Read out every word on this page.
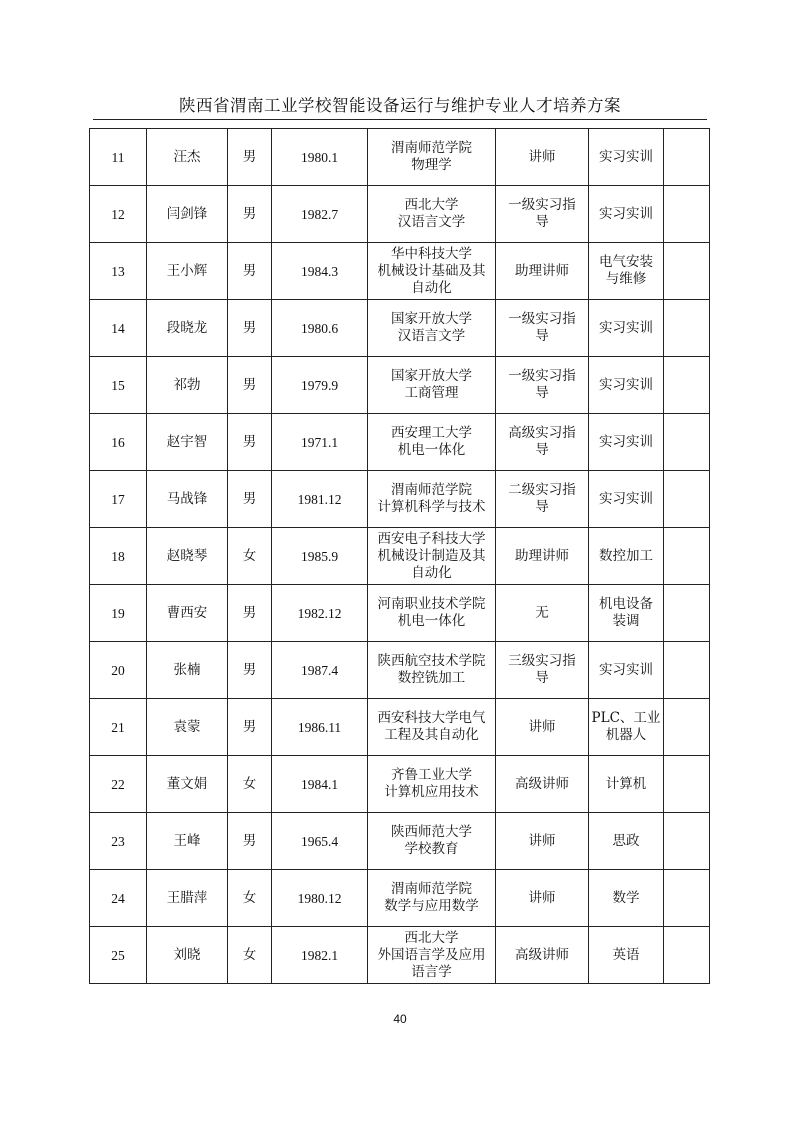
陕西省渭南工业学校智能设备运行与维护专业人才培养方案
11	汪杰	男	1980.1	渭南师范学院
物理学	讲师	实习实训	

12	闫剑锋	男	1982.7	西北大学
汉语言文学	一级实习指
导	实习实训	

13	王小辉	男	1984.3	华中科技大学
机械设计基础及其
自动化	助理讲师	电气安装
与维修	

14	段晓龙	男	1980.6	国家开放大学
汉语言文学	一级实习指
导	实习实训	

15	祁勃	男	1979.9	国家开放大学
工商管理	一级实习指
导	实习实训	

16	赵宇智	男	1971.1	西安理工大学
机电一体化	高级实习指
导	实习实训	

17	马战锋	男	1981.12	渭南师范学院
计算机科学与技术	二级实习指
导	实习实训	

18	赵晓琴	女	1985.9	西安电子科技大学
机械设计制造及其
自动化	助理讲师	数控加工	

19	曹西安	男	1982.12	河南职业技术学院
机电一体化	无	机电设备
装调	

20	张楠	男	1987.4	陕西航空技术学院
数控铣加工	三级实习指
导	实习实训	

21	袁蒙	男	1986.11	西安科技大学电气
工程及其自动化	讲师	PLC、工业
机器人	

22	董文娟	女	1984.1	齐鲁工业大学
计算机应用技术	高级讲师	计算机	

23	王峰	男	1965.4	陕西师范大学
学校教育	讲师	思政	

24	王腊萍	女	1980.12	渭南师范学院
数学与应用数学	讲师	数学	

25	刘晓	女	1982.1	西北大学
外国语言学及应用
语言学	高级讲师	英语	

40
